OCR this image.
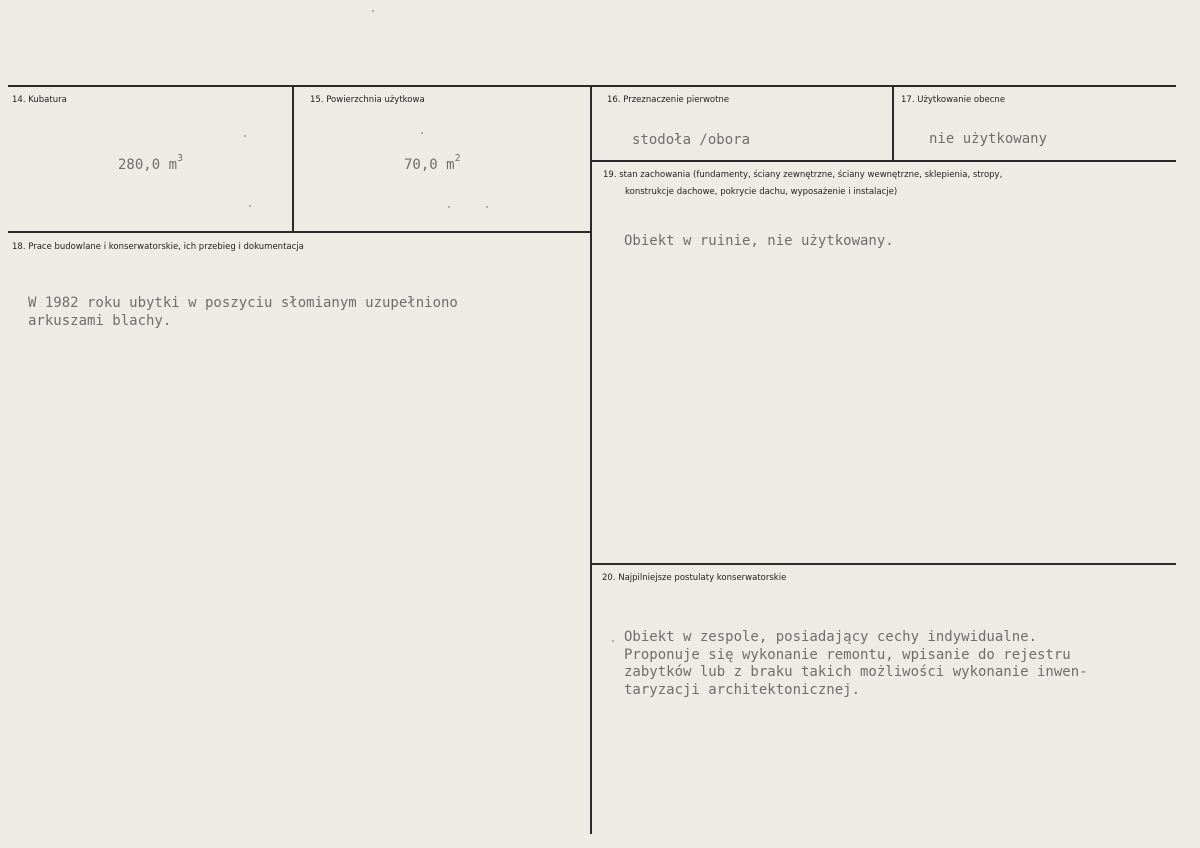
14. Kubatura
280,0 $m^3$
15. Powierzchnia użytkowa
70,0 $m^2$
16. Przeznaczenie pierwotne
stodoła /obora
17. Użytkowanie obecne
nie użytkowany
18. Prace budowlane i konserwatorskie, ich przebieg i dokumentacja
W 1982 roku ubytki w poszyciu słomianym uzupełniono
arkuszami blachy.
19. stan zachowania (fundamenty, ściany zewnętrzne, ściany wewnętrzne, sklepienia, stropy,
konstrukcje dachowe, pokrycie dachu, wyposażenie i instalacje)
Obiekt w ruinie, nie użytkowany.
20. Najpilniejsze postulaty konserwatorskie
Obiekt w zespole, posiadający cechy indywidualne.
Proponuje się wykonanie remontu, wpisanie do rejestru
zabytków lub z braku takich możliwości wykonanie inwen-
taryzacji architektonicznej.
